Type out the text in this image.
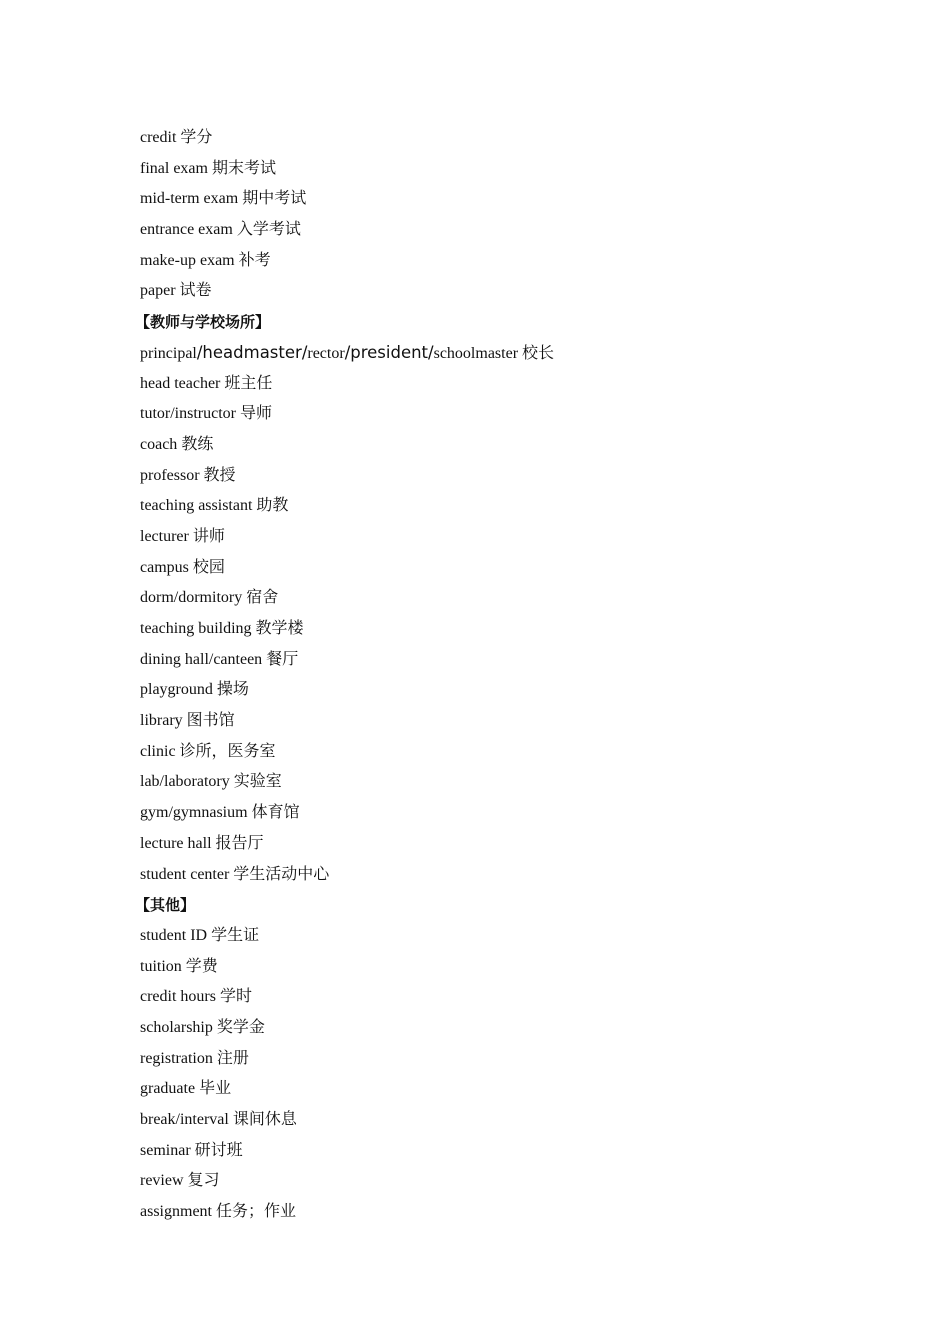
credit 学分
final exam 期末考试
mid-term exam 期中考试
entrance exam 入学考试
make-up exam 补考
paper 试卷
【教师与学校场所】
principal/headmaster/rector/president/schoolmaster 校长
head teacher 班主任
tutor/instructor 导师
coach 教练
professor 教授
teaching assistant 助教
lecturer 讲师
campus 校园
dorm/dormitory 宿舍
teaching building 教学楼
dining hall/canteen 餐厅
playground 操场
library 图书馆
clinic 诊所，医务室
lab/laboratory 实验室
gym/gymnasium 体育馆
lecture hall 报告厅
student center 学生活动中心
【其他】
student ID 学生证
tuition 学费
credit hours 学时
scholarship 奖学金
registration 注册
graduate 毕业
break/interval 课间休息
seminar 研讨班
review 复习
assignment 任务；作业
